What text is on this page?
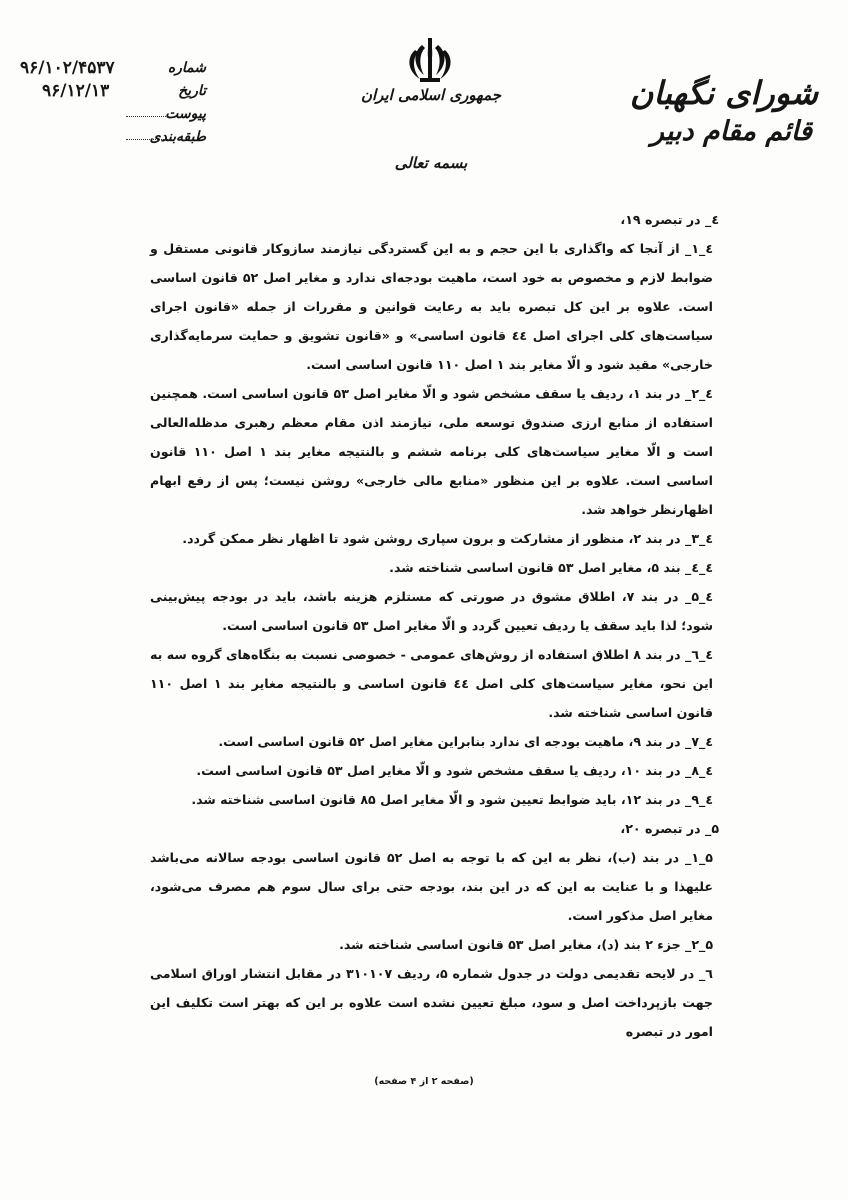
۹۶/۱۰۲/۴۵۳۷	شماره
۹۶/۱۲/۱۳	تاریخ
پیوست
طبقه‌بندی
جمهوری اسلامی ایران
بسمه تعالی
شورای نگهبان
قائم مقام دبیر

٤_ در تبصره ۱۹،

٤_۱_ از آنجا که واگذاری با این حجم و به این گستردگی نیازمند سازوکار قانونی مستقل و ضوابط لازم و مخصوص به خود است، ماهیت بودجه‌ای ندارد و مغایر اصل ۵۲ قانون اساسی است. علاوه بر این کل تبصره باید به رعایت قوانین و مقررات از جمله «قانون اجرای سیاست‌های کلی اجرای اصل ٤٤ قانون اساسی» و «قانون تشویق و حمایت سرمایه‌گذاری خارجی» مقید شود و الّا مغایر بند ۱ اصل ۱۱۰ قانون اساسی است.

٤_۲_ در بند ۱، ردیف یا سقف مشخص شود و الّا مغایر اصل ۵۳ قانون اساسی است. همچنین استفاده از منابع ارزی صندوق توسعه ملی، نیازمند اذن مقام معظم رهبری مدظله‌العالی است و الّا مغایر سیاست‌های کلی برنامه ششم و بالنتیجه مغایر بند ۱ اصل ۱۱۰ قانون اساسی است. علاوه بر این منظور «منابع مالی خارجی» روشن نیست؛ پس از رفع ابهام اظهارنظر خواهد شد.

٤_۳_ در بند ۲، منظور از مشارکت و برون سپاری روشن شود تا اظهار نظر ممکن گردد.

٤_٤_ بند ۵، مغایر اصل ۵۳ قانون اساسی شناخته شد.

٤_۵_ در بند ۷، اطلاق مشوق در صورتی که مستلزم هزینه باشد، باید در بودجه پیش‌بینی شود؛ لذا باید سقف یا ردیف تعیین گردد و الّا مغایر اصل ۵۳ قانون اساسی است.

٤_٦_ در بند ۸ اطلاق استفاده از روش‌های عمومی - خصوصی نسبت به بنگاه‌های گروه سه به این نحو، مغایر سیاست‌های کلی اصل ٤٤ قانون اساسی و بالنتیجه مغایر بند ۱ اصل ۱۱۰ قانون اساسی شناخته شد.

٤_۷_ در بند ۹، ماهیت بودجه ای ندارد بنابراین مغایر اصل ۵۲ قانون اساسی است.

٤_۸_ در بند ۱۰، ردیف یا سقف مشخص شود و الّا مغایر اصل ۵۳ قانون اساسی است.

٤_۹_ در بند ۱۲، باید ضوابط تعیین شود و الّا مغایر اصل ۸۵ قانون اساسی شناخته شد.

۵_ در تبصره ۲۰،

۵_۱_ در بند (ب)، نظر به این که با توجه به اصل ۵۲ قانون اساسی بودجه سالانه می‌باشد علیهذا و با عنایت به این که در این بند، بودجه حتی برای سال سوم هم مصرف می‌شود، مغایر اصل مذکور است.

۵_۲_ جزء ۲ بند (د)، مغایر اصل ۵۳ قانون اساسی شناخته شد.

٦_ در لایحه تقدیمی دولت در جدول شماره ۵، ردیف ۳۱۰۱۰۷ در مقابل انتشار اوراق اسلامی جهت بازپرداخت اصل و سود، مبلغ تعیین نشده است علاوه بر این که بهتر است تکلیف این امور در تبصره

(صفحه ۲ از ۴ صفحه)
